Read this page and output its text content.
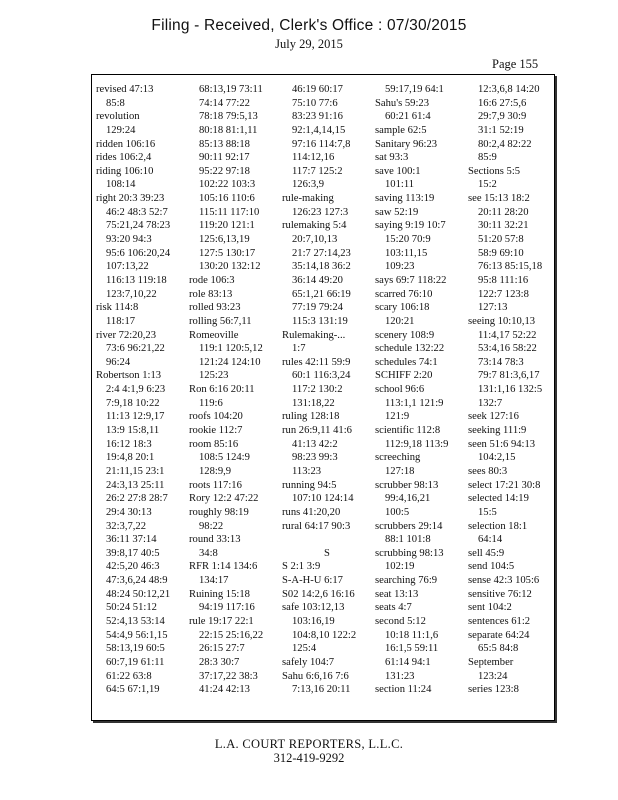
Filing - Received, Clerk's Office : 07/30/2015
July 29, 2015
Page 155
revised 47:13
85:8
revolution
129:24
ridden 106:16
rides 106:2,4
riding 106:10
108:14
right 20:3 39:23
46:2 48:3 52:7
75:21,24 78:23
93:20 94:3
95:6 106:20,24
107:13,22
116:13 119:18
123:7,10,22
risk 114:8
118:17
river 72:20,23
73:6 96:21,22
96:24
Robertson 1:13
2:4 4:1,9 6:23
7:9,18 10:22
11:13 12:9,17
13:9 15:8,11
16:12 18:3
19:4,8 20:1
21:11,15 23:1
24:3,13 25:11
26:2 27:8 28:7
29:4 30:13
32:3,7,22
36:11 37:14
39:8,17 40:5
42:5,20 46:3
47:3,6,24 48:9
48:24 50:12,21
50:24 51:12
52:4,13 53:14
54:4,9 56:1,15
58:13,19 60:5
60:7,19 61:11
61:22 63:8
64:5 67:1,19
68:13,19 73:11
74:14 77:22
78:18 79:5,13
80:18 81:1,11
85:13 88:18
90:11 92:17
95:22 97:18
102:22 103:3
105:16 110:6
115:11 117:10
119:20 121:1
125:6,13,19
127:5 130:17
130:20 132:12
rode 106:3
role 83:13
rolled 93:23
rolling 56:7,11
Romeoville
119:1 120:5,12
121:24 124:10
125:23
Ron 6:16 20:11
119:6
roofs 104:20
rookie 112:7
room 85:16
108:5 124:9
128:9,9
roots 117:16
Rory 12:2 47:22
roughly 98:19
98:22
round 33:13
34:8
RFR 1:14 134:6
134:17
Ruining 15:18
94:19 117:16
rule 19:17 22:1
22:15 25:16,22
26:15 27:7
28:3 30:7
37:17,22 38:3
41:24 42:13
46:19 60:17
75:10 77:6
83:23 91:16
92:1,4,14,15
97:16 114:7,8
114:12,16
117:7 125:2
126:3,9
rule-making
126:23 127:3
rulemaking 5:4
20:7,10,13
21:7 27:14,23
35:14,18 36:2
36:14 49:20
65:1,21 66:19
77:19 79:24
115:3 131:19
Rulemaking-...
1:7
rules 42:11 59:9
60:1 116:3,24
117:2 130:2
131:18,22
ruling 128:18
run 26:9,11 41:6
41:13 42:2
98:23 99:3
113:23
running 94:5
107:10 124:14
runs 41:20,20
rural 64:17 90:3
S
S 2:1 3:9
S-A-H-U 6:17
S02 14:2,6 16:16
safe 103:12,13
103:16,19
104:8,10 122:2
125:4
safely 104:7
Sahu 6:6,16 7:6
7:13,16 20:11
59:17,19 64:1
Sahu's 59:23
60:21 61:4
sample 62:5
Sanitary 96:23
sat 93:3
save 100:1
101:11
saving 113:19
saw 52:19
saying 9:19 10:7
15:20 70:9
103:11,15
109:23
says 69:7 118:22
scarred 76:10
scary 106:18
120:21
scenery 108:9
schedule 132:22
schedules 74:1
SCHIFF 2:20
school 96:6
113:1,1 121:9
121:9
scientific 112:8
112:9,18 113:9
screeching
127:18
scrubber 98:13
99:4,16,21
100:5
scrubbers 29:14
88:1 101:8
scrubbing 98:13
102:19
searching 76:9
seat 13:13
seats 4:7
second 5:12
10:18 11:1,6
16:1,5 59:11
61:14 94:1
131:23
section 11:24
12:3,6,8 14:20
16:6 27:5,6
29:7,9 30:9
31:1 52:19
80:2,4 82:22
85:9
Sections 5:5
15:2
see 15:13 18:2
20:11 28:20
30:11 32:21
51:20 57:8
58:9 69:10
76:13 85:15,18
95:8 111:16
122:7 123:8
127:13
seeing 10:10,13
11:4,17 52:22
53:4,16 58:22
73:14 78:3
79:7 81:3,6,17
131:1,16 132:5
132:7
seek 127:16
seeking 111:9
seen 51:6 94:13
104:2,15
sees 80:3
select 17:21 30:8
selected 14:19
15:5
selection 18:1
64:14
sell 45:9
send 104:5
sense 42:3 105:6
sensitive 76:12
sent 104:2
sentences 61:2
separate 64:24
65:5 84:8
September
123:24
series 123:8
L.A. COURT REPORTERS, L.L.C.
312-419-9292
